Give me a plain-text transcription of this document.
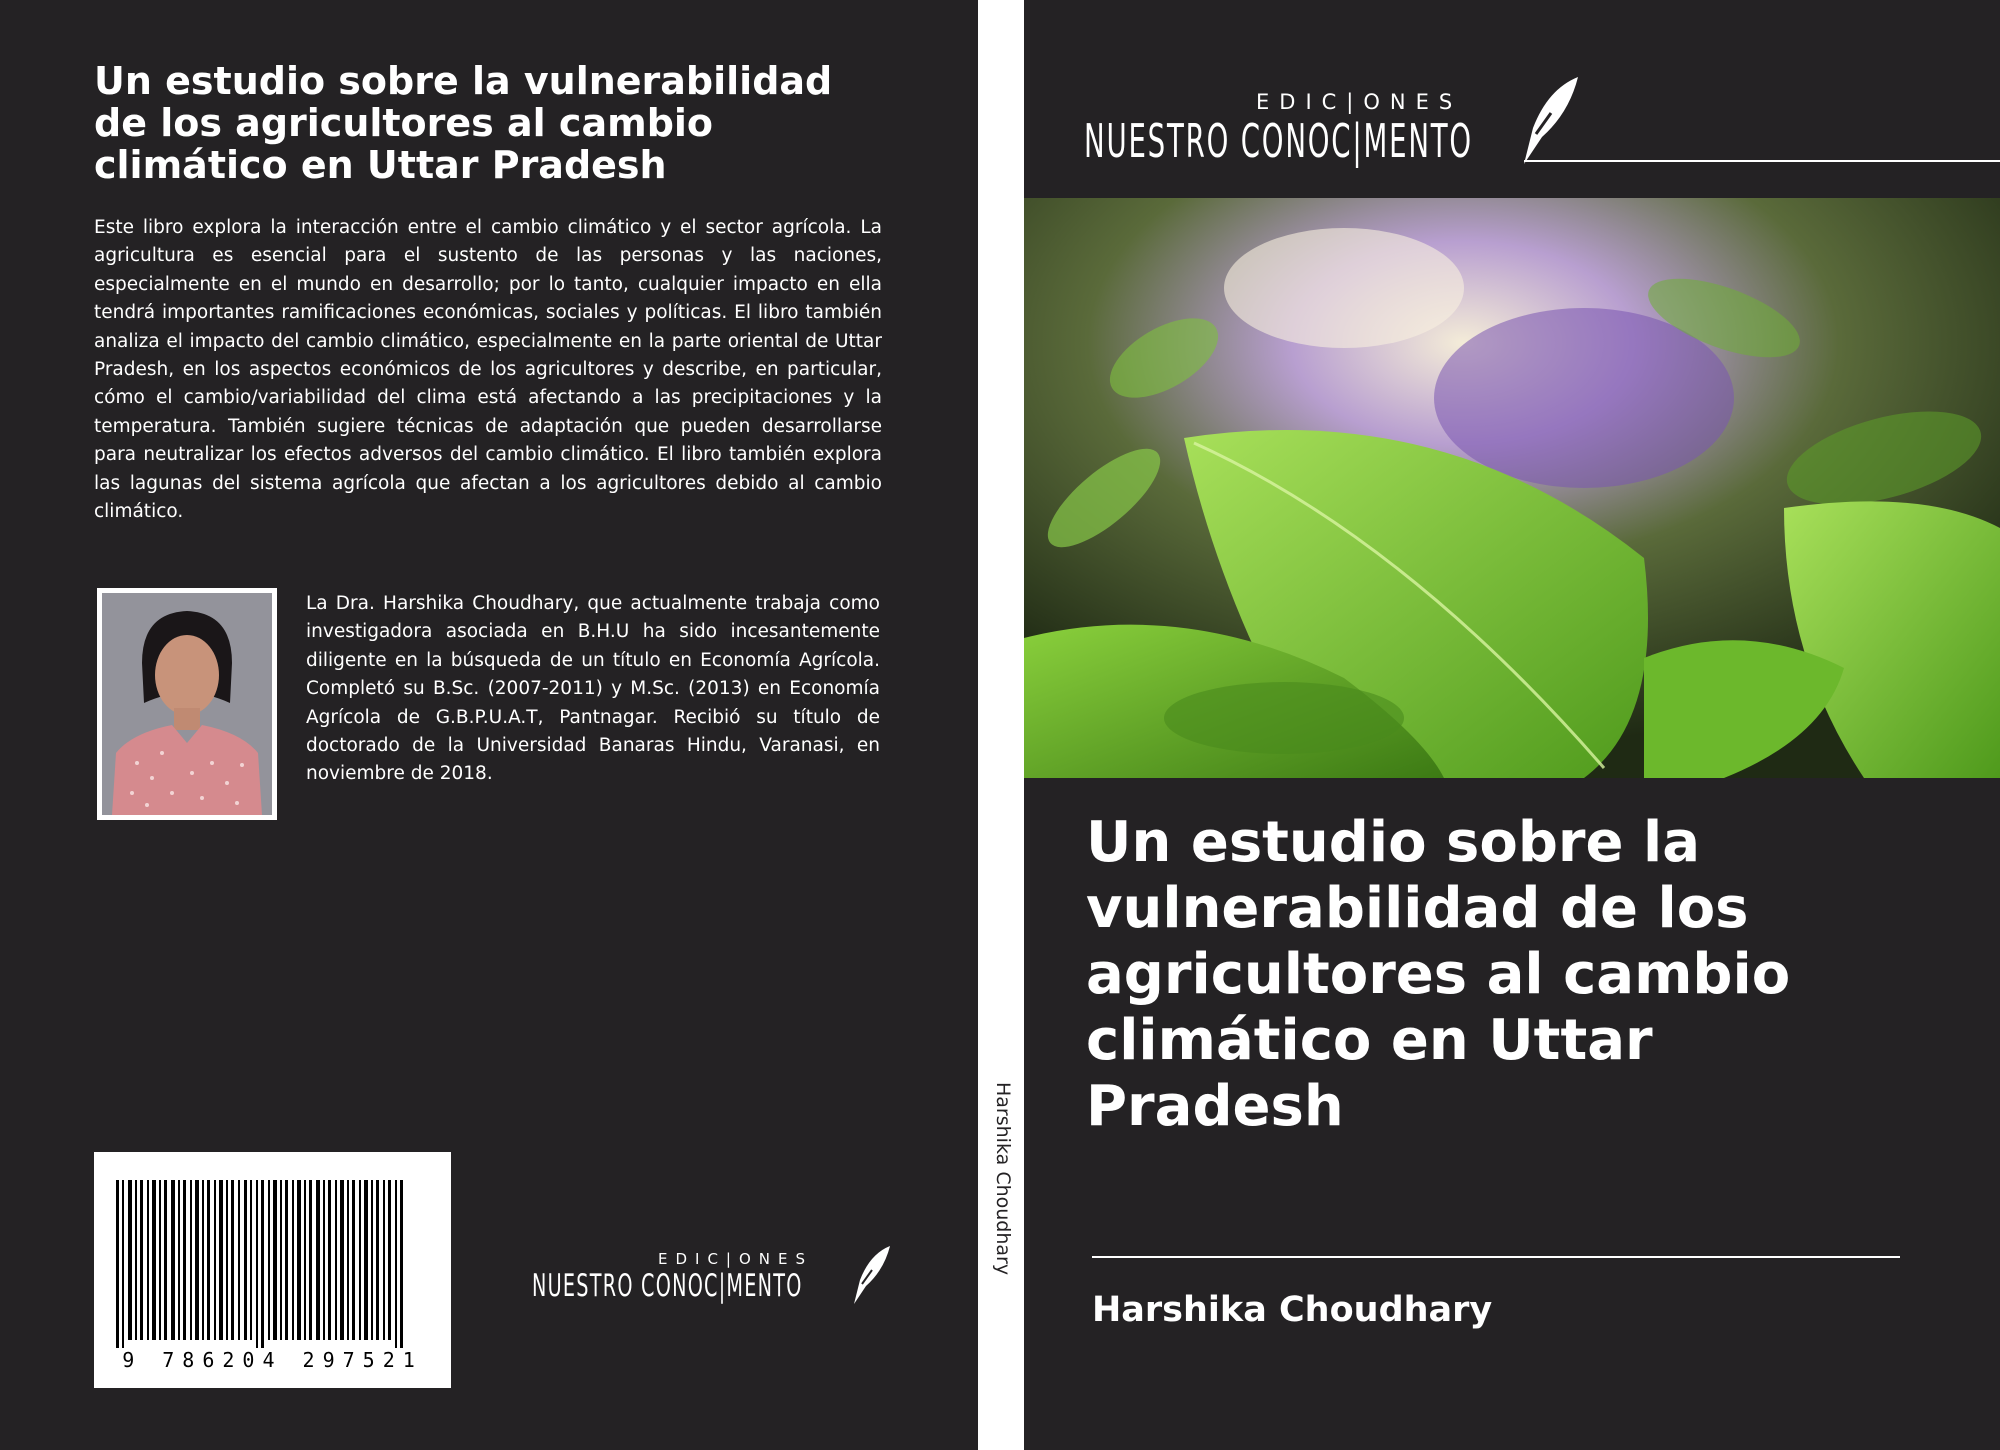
Un estudio sobre la vulnerabilidad
de los agricultores al cambio
climático en Uttar Pradesh
Este libro explora la interacción entre el cambio climático y el sector agrícola. La agricultura es esencial para el sustento de las personas y las naciones, especialmente en el mundo en desarrollo; por lo tanto, cualquier impacto en ella tendrá importantes ramificaciones económicas, sociales y políticas. El libro también analiza el impacto del cambio climático, especialmente en la parte oriental de Uttar Pradesh, en los aspectos económicos de los agricultores y describe, en particular, cómo el cambio/variabilidad del clima está afectando a las precipitaciones y la temperatura. También sugiere técnicas de adaptación que pueden desarrollarse para neutralizar los efectos adversos del cambio climático. El libro también explora las lagunas del sistema agrícola que afectan a los agricultores debido al cambio climático.
La Dra. Harshika Choudhary, que actualmente trabaja como investigadora asociada en B.H.U ha sido incesantemente diligente en la búsqueda de un título en Economía Agrícola. Completó su B.Sc. (2007-2011) y M.Sc. (2013) en Economía Agrícola de G.B.P.U.A.T, Pantnagar. Recibió su título de doctorado de la Universidad Banaras Hindu, Varanasi, en noviembre de 2018.
9 786204 297521
EDIC|ONES
NUESTRO CONOC|MENTO
Harshika Choudhary
EDIC|ONES
NUESTRO CONOC|MENTO
Un estudio sobre la
vulnerabilidad de los
agricultores al cambio
climático en Uttar
Pradesh
Harshika Choudhary
